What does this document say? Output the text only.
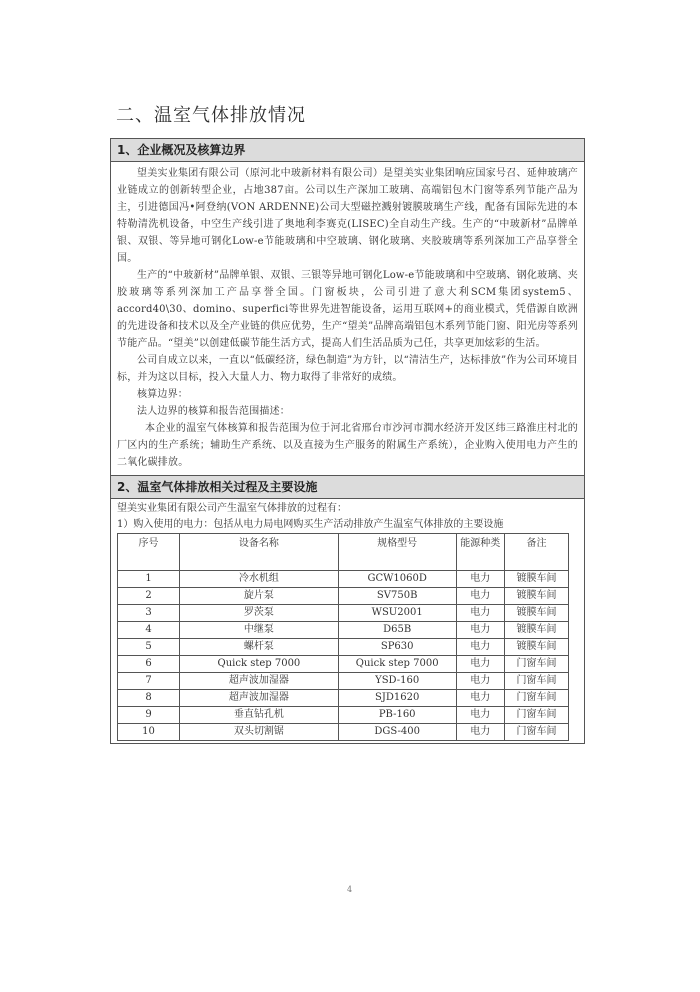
二、温室气体排放情况
1、企业概况及核算边界

望美实业集团有限公司（原河北中玻新材料有限公司）是望美实业集团响应国家号召、延伸玻璃产业链成立的创新转型企业，占地387亩。公司以生产深加工玻璃、高端铝包木门窗等系列节能产品为主，引进德国冯•阿登纳(VON ARDENNE)公司大型磁控溅射镀膜玻璃生产线，配备有国际先进的本特勒清洗机设备，中空生产线引进了奥地利李赛克(LISEC)全自动生产线。生产的“中玻新材”品牌单银、双银、等异地可钢化Low-e节能玻璃和中空玻璃、钢化玻璃、夹胶玻璃等系列深加工产品享誉全国。

生产的“中玻新材”品牌单银、双银、三银等异地可钢化Low-e节能玻璃和中空玻璃、钢化玻璃、夹胶玻璃等系列深加工产品享誉全国。门窗板块，公司引进了意大利SCM集团system5、accord40\30、domino、superfici等世界先进智能设备，运用互联网+的商业模式，凭借源自欧洲的先进设备和技术以及全产业链的供应优势，生产“望美”品牌高端铝包木系列节能门窗、阳光房等系列节能产品。“望美”以创建低碳节能生活方式，提高人们生活品质为己任，共享更加炫彩的生活。

公司自成立以来，一直以“低碳经济，绿色制造”为方针，以“清洁生产，达标排放”作为公司环境目标，并为这以目标，投入大量人力、物力取得了非常好的成绩。

核算边界：

法人边界的核算和报告范围描述：

本企业的温室气体核算和报告范围为位于河北省邢台市沙河市澗水经济开发区纬三路淮庄村北的厂区内的生产系统；辅助生产系统、以及直接为生产服务的附属生产系统），企业购入使用电力产生的二氧化碳排放。

2、温室气体排放相关过程及主要设施

望美实业集团有限公司产生温室气体排放的过程有：

1）购入使用的电力：包括从电力局电网购买生产活动排放产生温室气体排放的主要设施

序号	设备名称	规格型号	能源种类	备注
1	冷水机组	GCW1060D	电力	镀膜车间
2	旋片泵	SV750B	电力	镀膜车间
3	罗茨泵	WSU2001	电力	镀膜车间
4	中继泵	D65B	电力	镀膜车间
5	螺杆泵	SP630	电力	镀膜车间
6	Quick step 7000	Quick step 7000	电力	门窗车间
7	超声波加湿器	YSD-160	电力	门窗车间
8	超声波加湿器	SJD1620	电力	门窗车间
9	垂直钻孔机	PB-160	电力	门窗车间
10	双头切割锯	DGS-400	电力	门窗车间
4
